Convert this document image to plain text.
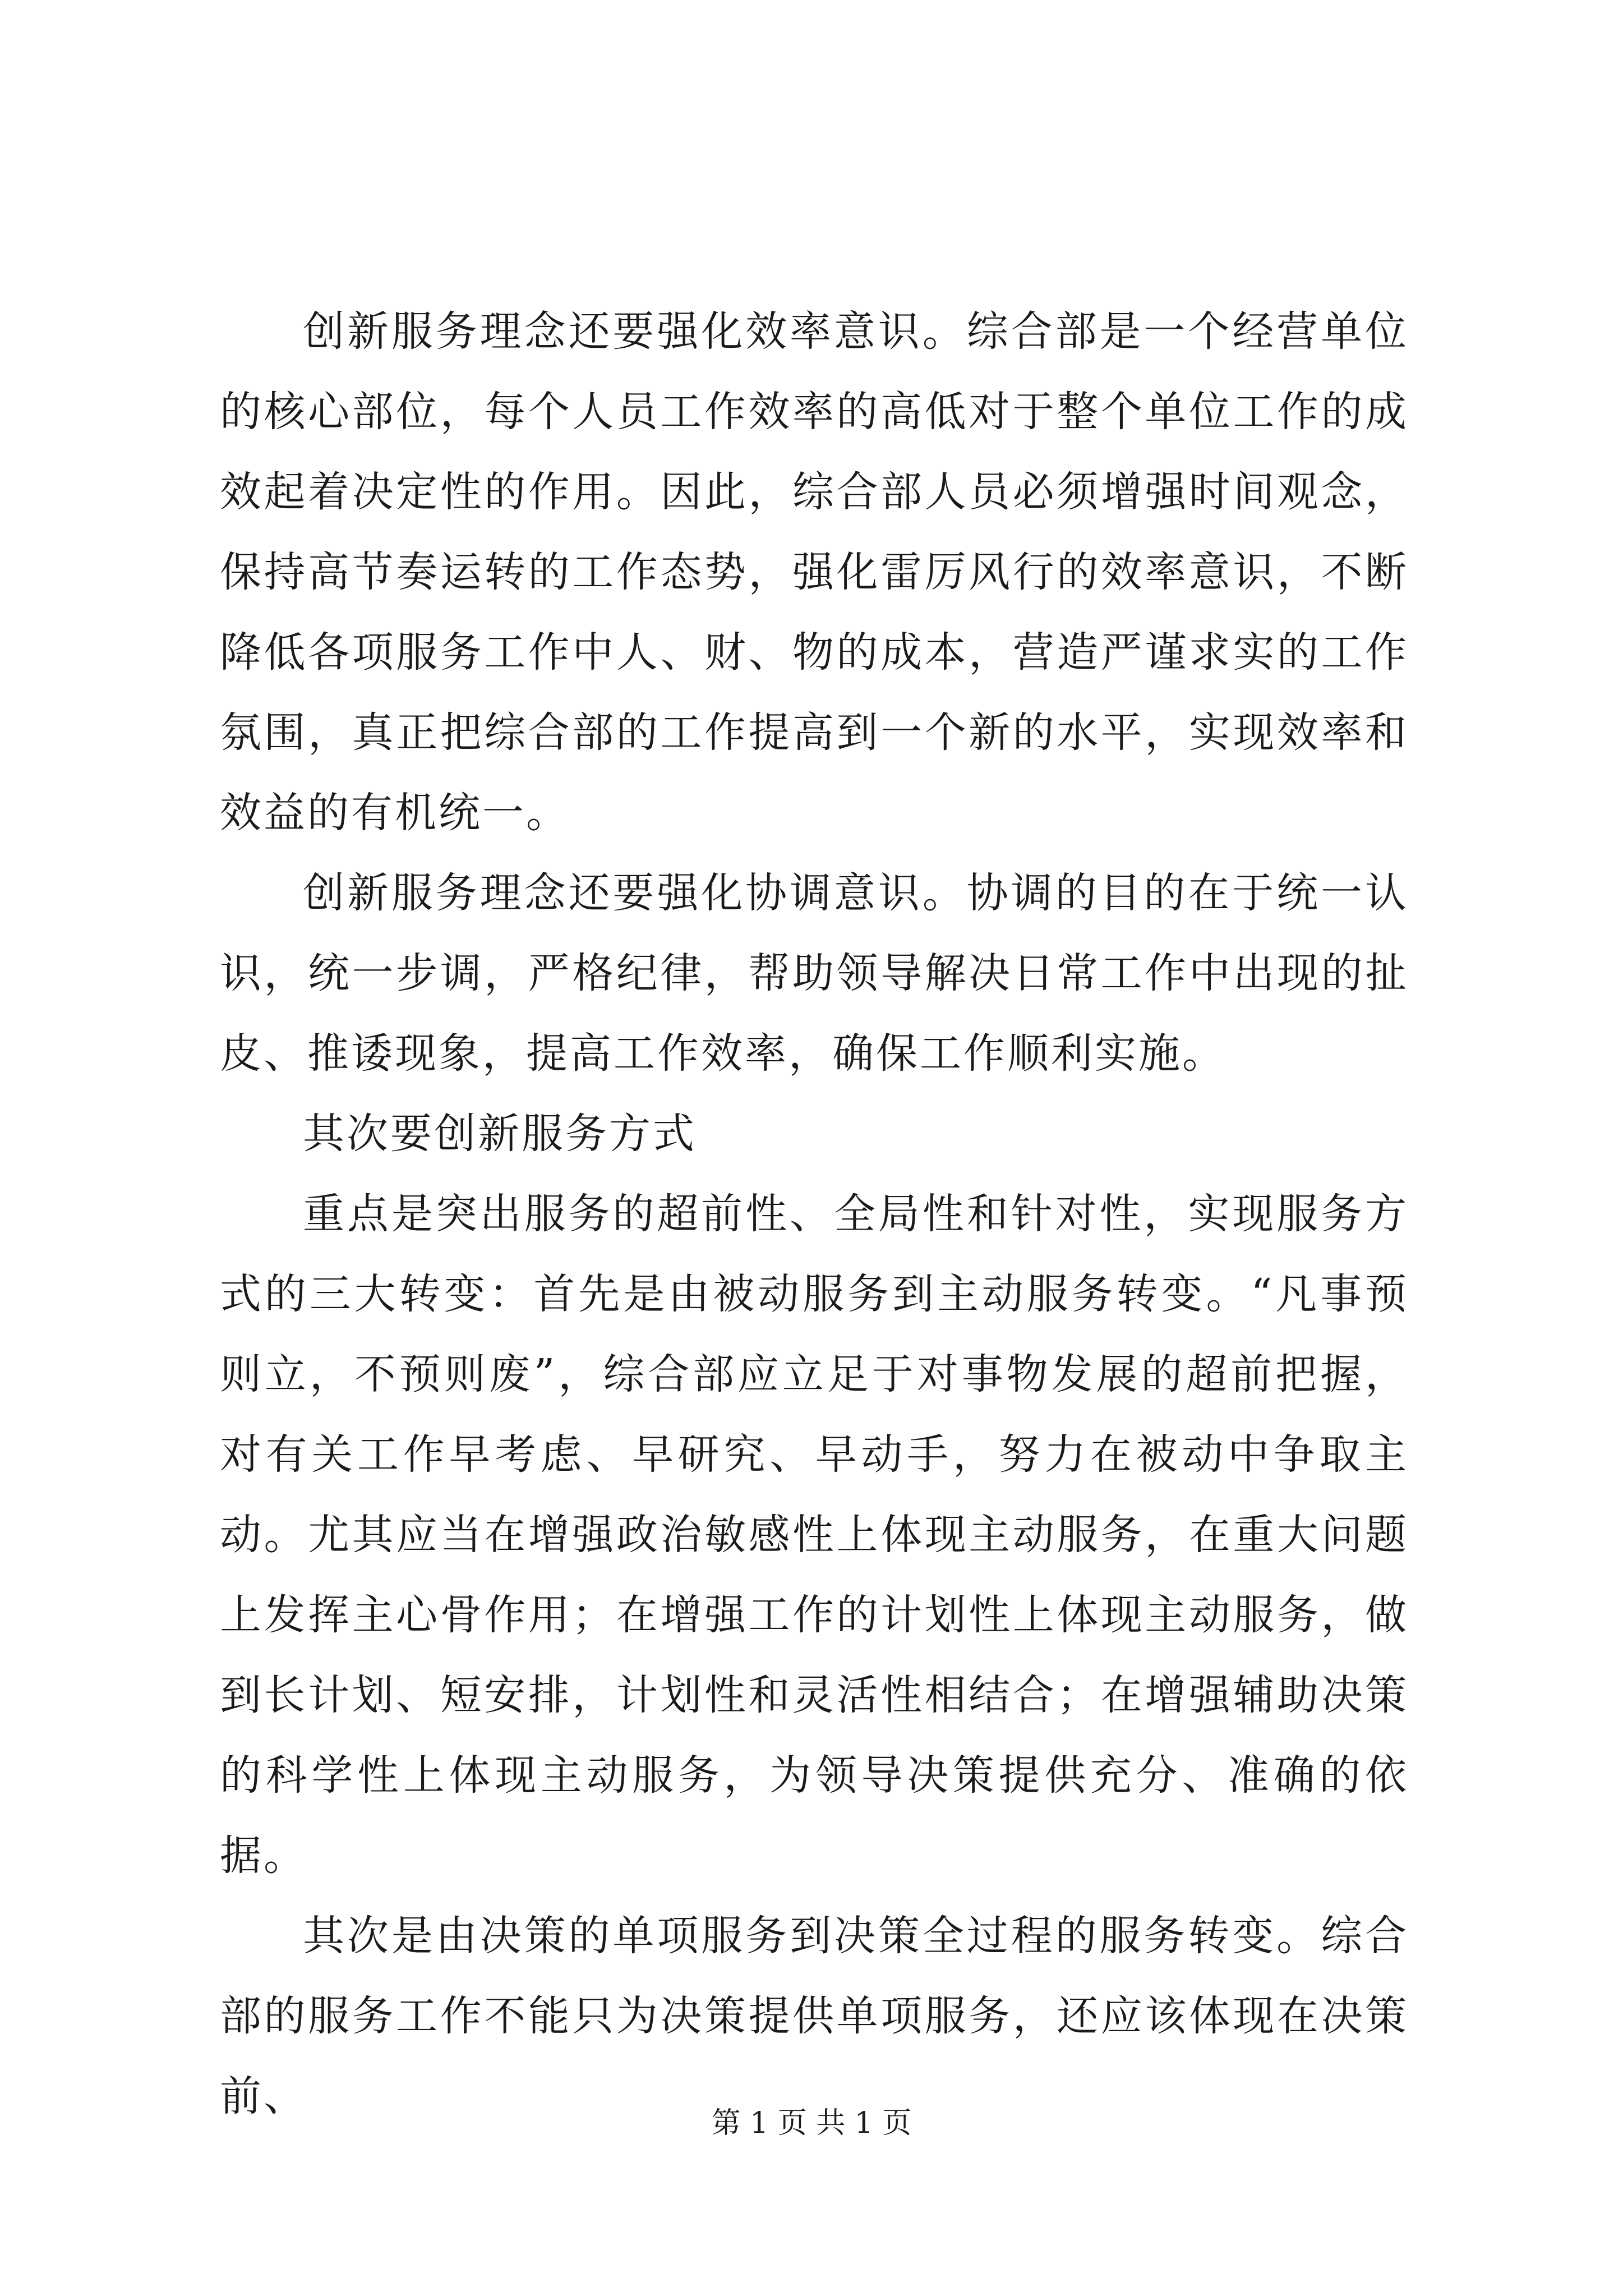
创新服务理念还要强化效率意识。综合部是一个经营单位的核心部位，每个人员工作效率的高低对于整个单位工作的成效起着决定性的作用。因此，综合部人员必须增强时间观念，保持高节奏运转的工作态势，强化雷厉风行的效率意识，不断降低各项服务工作中人、财、物的成本，营造严谨求实的工作氛围，真正把综合部的工作提高到一个新的水平，实现效率和效益的有机统一。

创新服务理念还要强化协调意识。协调的目的在于统一认识，统一步调，严格纪律，帮助领导解决日常工作中出现的扯皮、推诿现象，提高工作效率，确保工作顺利实施。

其次要创新服务方式

重点是突出服务的超前性、全局性和针对性，实现服务方式的三大转变：首先是由被动服务到主动服务转变。“凡事预则立，不预则废”，综合部应立足于对事物发展的超前把握，对有关工作早考虑、早研究、早动手，努力在被动中争取主动。尤其应当在增强政治敏感性上体现主动服务，在重大问题上发挥主心骨作用；在增强工作的计划性上体现主动服务，做到长计划、短安排，计划性和灵活性相结合；在增强辅助决策的科学性上体现主动服务，为领导决策提供充分、准确的依据。

其次是由决策的单项服务到决策全过程的服务转变。综合部的服务工作不能只为决策提供单项服务，还应该体现在决策前、

第 1 页 共 1 页
